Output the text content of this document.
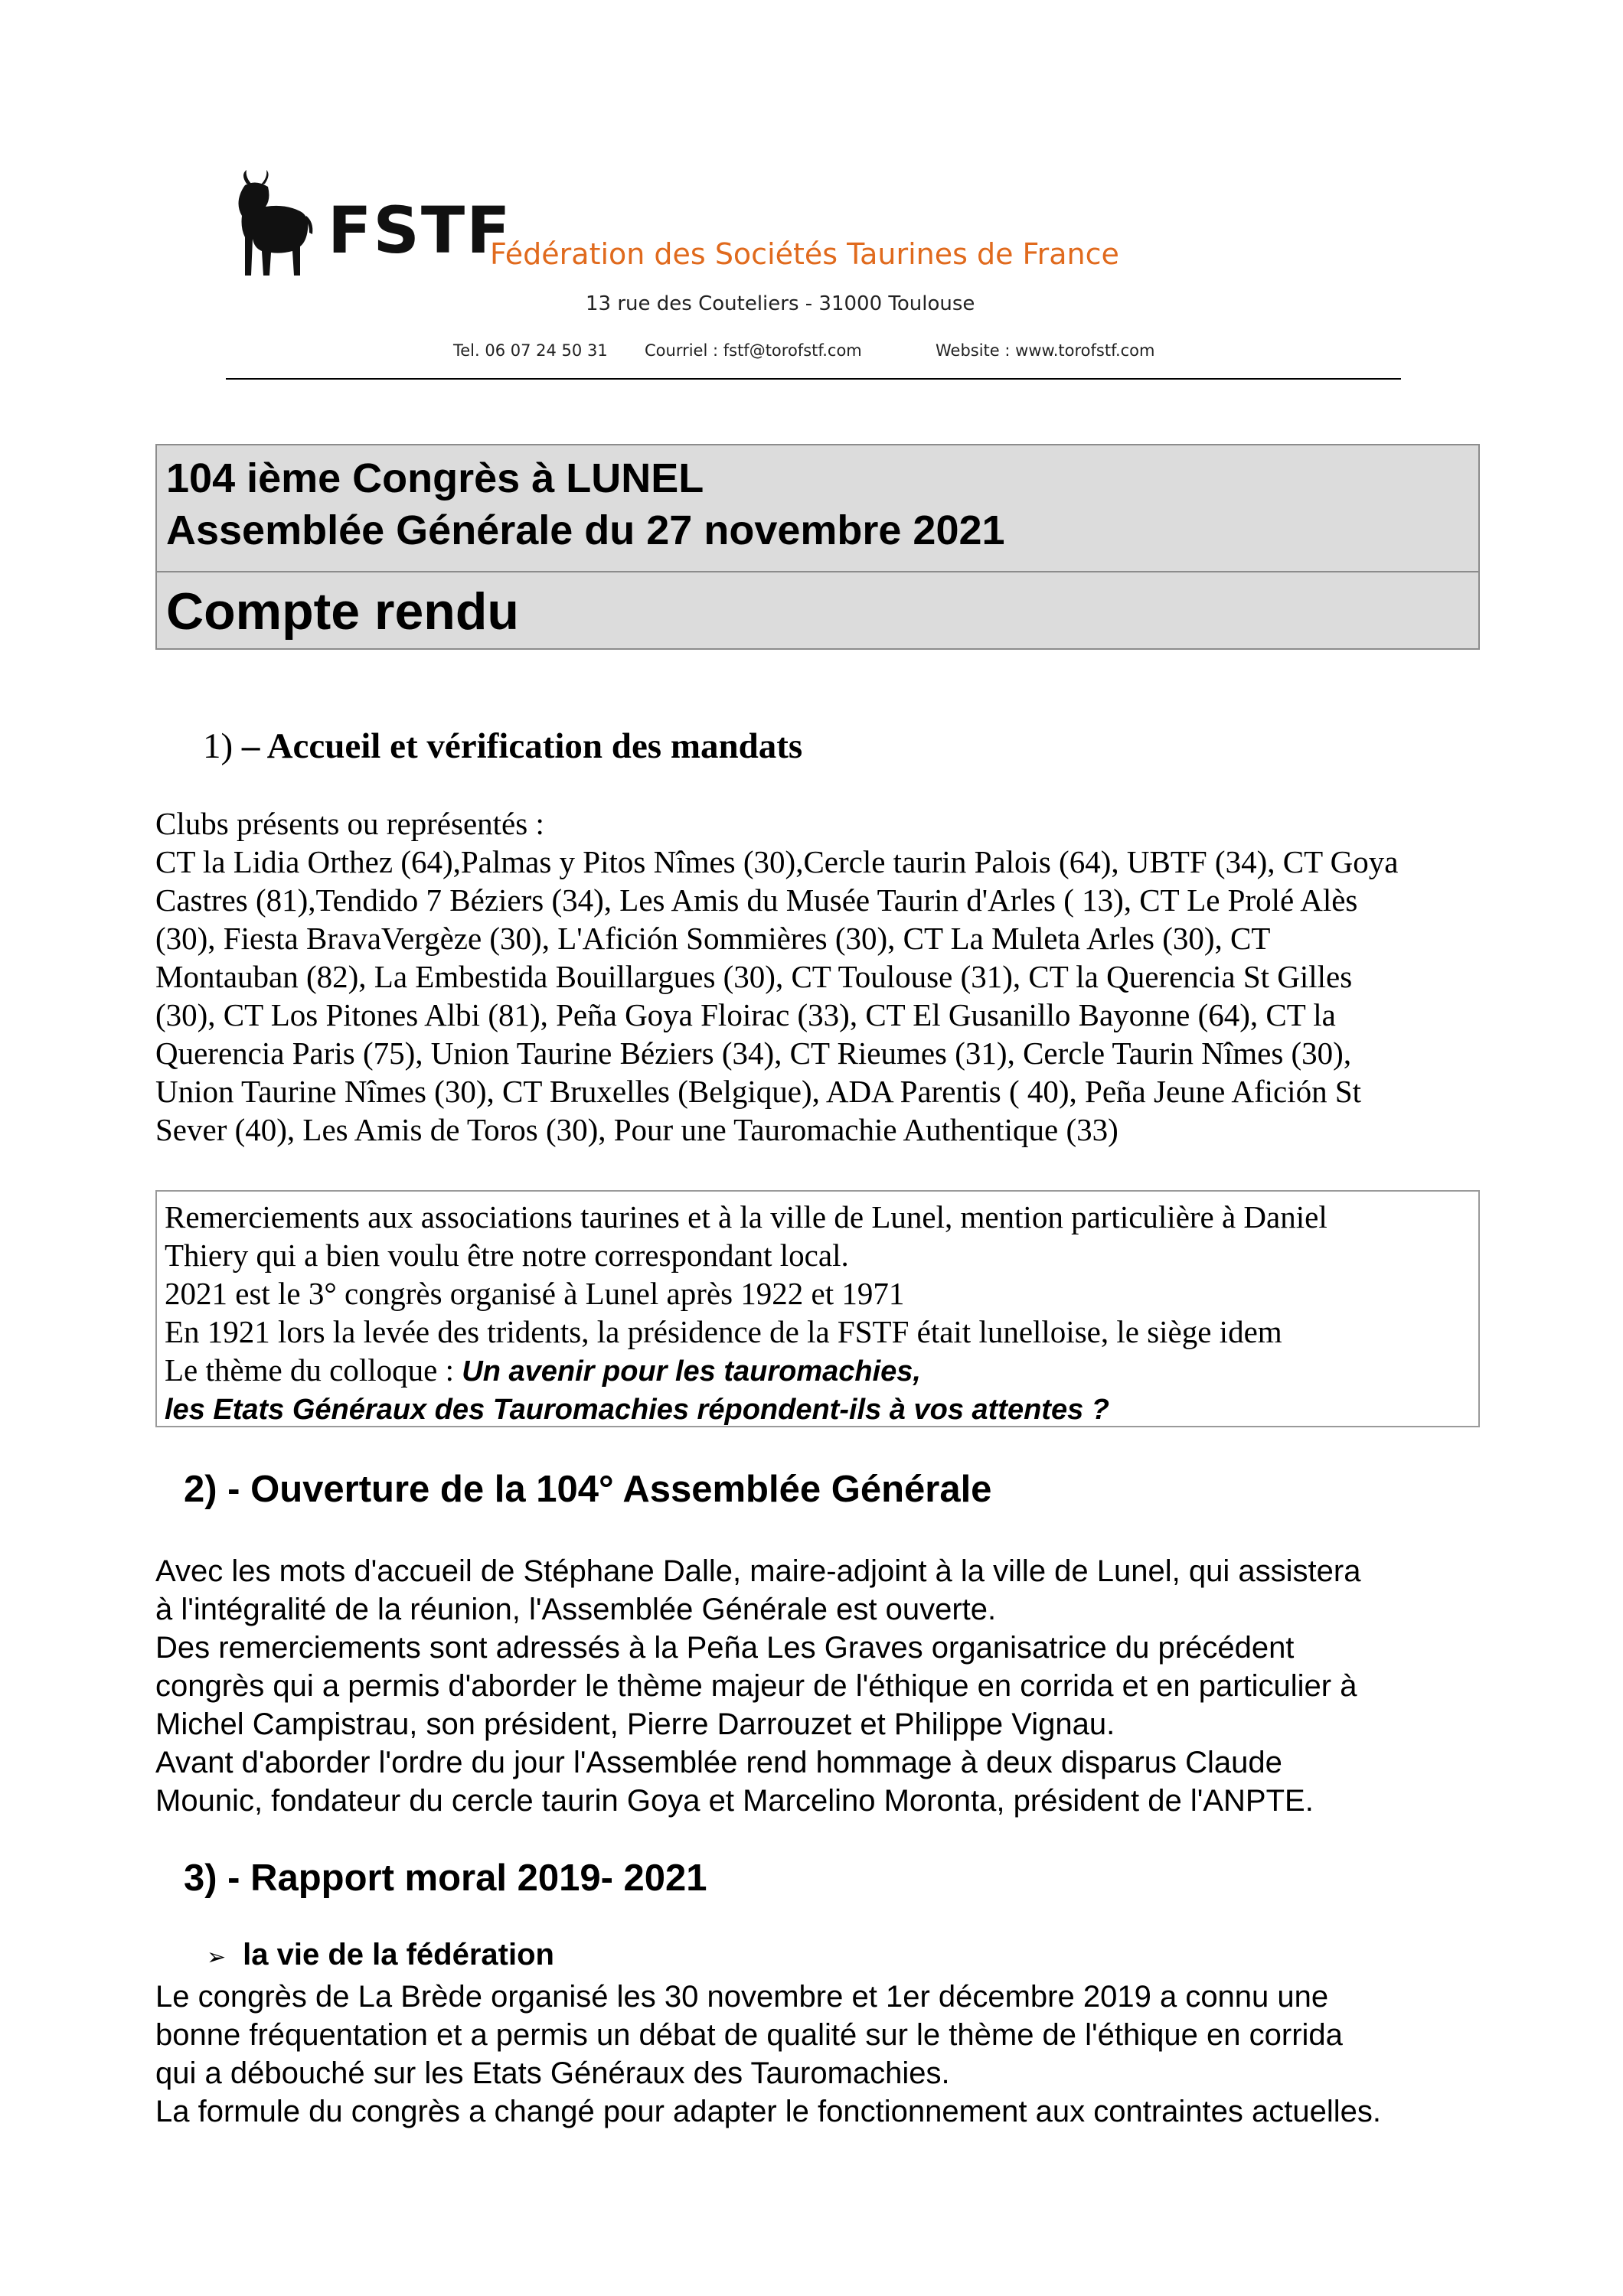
FSTF
Fédération des Sociétés Taurines de France
13 rue des Couteliers - 31000 Toulouse
Tel. 06 07 24 50 31	Courriel : fstf@torofstf.com	Website : www.torofstf.com
104 ième Congrès à LUNEL
Assemblée Générale du 27 novembre 2021
Compte rendu
1) – Accueil et vérification des mandats
Clubs présents ou représentés :
CT la Lidia Orthez (64),Palmas y Pitos Nîmes (30),Cercle taurin Palois (64), UBTF (34), CT Goya
Castres (81),Tendido 7 Béziers (34), Les Amis du Musée Taurin d'Arles ( 13), CT Le Prolé Alès
(30), Fiesta BravaVergèze (30), L'Afición Sommières (30), CT La Muleta Arles (30), CT
Montauban (82), La Embestida Bouillargues (30), CT Toulouse (31), CT la Querencia St Gilles
(30), CT Los Pitones Albi (81), Peña Goya Floirac (33), CT El Gusanillo Bayonne (64), CT la
Querencia Paris (75), Union Taurine Béziers (34), CT Rieumes (31), Cercle Taurin Nîmes (30),
Union Taurine Nîmes (30), CT Bruxelles (Belgique), ADA Parentis ( 40), Peña Jeune Afición St
Sever (40), Les Amis de Toros (30), Pour une Tauromachie Authentique (33)
Remerciements aux associations taurines et à la ville de Lunel, mention particulière à Daniel
Thiery qui a bien voulu être notre correspondant local.
2021 est le 3° congrès organisé à Lunel après 1922 et 1971
En 1921 lors la levée des tridents, la présidence de la FSTF était lunelloise, le siège idem
Le thème du colloque : Un avenir pour les tauromachies,
les Etats Généraux des Tauromachies répondent-ils à vos attentes ?
2) - Ouverture de la 104° Assemblée Générale
Avec les mots d'accueil de Stéphane Dalle, maire-adjoint à la ville de Lunel, qui assistera
à l'intégralité de la réunion, l'Assemblée Générale est ouverte.
Des remerciements sont adressés à la Peña Les Graves organisatrice du précédent
congrès qui a permis d'aborder le thème majeur de l'éthique en corrida et en particulier à
Michel Campistrau, son président, Pierre Darrouzet et Philippe Vignau.
Avant d'aborder l'ordre du jour l'Assemblée rend hommage à deux disparus Claude
Mounic, fondateur du cercle taurin Goya et Marcelino Moronta, président de l'ANPTE.
3) - Rapport moral 2019- 2021
➢ la vie de la fédération
Le congrès de La Brède organisé les 30 novembre et 1er décembre 2019 a connu une
bonne fréquentation et a permis un débat de qualité sur le thème de l'éthique en corrida
qui a débouché sur les Etats Généraux des Tauromachies.
La formule du congrès a changé pour adapter le fonctionnement aux contraintes actuelles.
